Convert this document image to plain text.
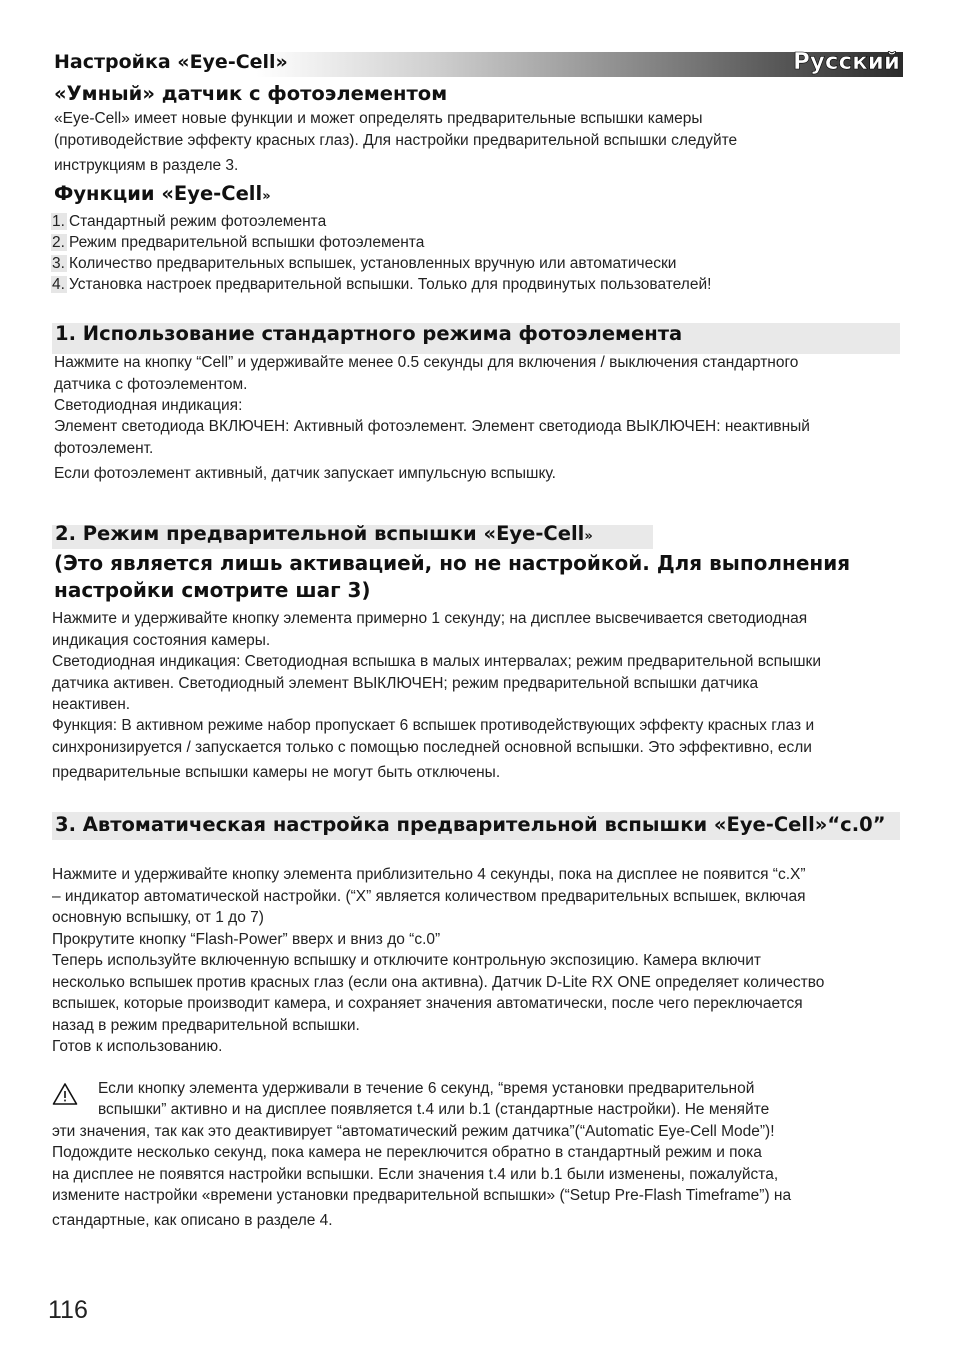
Настройка «Eye-Cell»	Русский
«Умный» датчик с фотоэлементом
«Eye-Cell» имеет новые функции и может определять предварительные вспышки камеры
(противодействие эффекту красных глаз). Для настройки предварительной вспышки следуйте
инструкциям в разделе 3.
Функции «Eye-Cell»
1. Стандартный режим фотоэлемента
2. Режим предварительной вспышки фотоэлемента
3. Количество предварительных вспышек, установленных вручную или автоматически
4. Установка настроек предварительной вспышки. Только для продвинутых пользователей!
1. Использование стандартного режима фотоэлемента
Нажмите на кнопку “Cell” и удерживайте менее 0.5 секунды для включения / выключения стандартного
датчика с фотоэлементом.
Светодиодная индикация:
Элемент светодиода ВКЛЮЧЕН: Активный фотоэлемент. Элемент светодиода ВЫКЛЮЧЕН: неактивный
фотоэлемент.
Если фотоэлемент активный, датчик запускает импульсную вспышку.
2. Режим предварительной вспышки «Eye-Cell»
(Это является лишь активацией, но не настройкой. Для выполнения
настройки смотрите шаг 3)
Нажмите и удерживайте кнопку элемента примерно 1 секунду; на дисплее высвечивается светодиодная
индикация состояния камеры.
Светодиодная индикация: Светодиодная вспышка в малых интервалах; режим предварительной вспышки
датчика активен. Светодиодный элемент ВЫКЛЮЧЕН; режим предварительной вспышки датчика
неактивен.
Функция: В активном режиме набор пропускает 6 вспышек противодействующих эффекту красных глаз и
синхронизируется / запускается только с помощью последней основной вспышки. Это эффективно, если
предварительные вспышки камеры не могут быть отключены.
3. Автоматическая настройка предварительной вспышки «Eye-Cell»“c.0”
Нажмите и удерживайте кнопку элемента приблизительно 4 секунды, пока на дисплее не появится “c.X”
– индикатор автоматической настройки. (“X” является количеством предварительных вспышек, включая
основную вспышку, от 1 до 7)
Прокрутите кнопку “Flash-Power” вверх и вниз до “c.0”
Теперь используйте включенную вспышку и отключите контрольную экспозицию. Камера включит
несколько вспышек против красных глаз (если она активна). Датчик D-Lite RX ONE определяет количество
вспышек, которые производит камера, и сохраняет значения автоматически, после чего переключается
назад в режим предварительной вспышки.
Готов к использованию.
Если кнопку элемента удерживали в течение 6 секунд, “время установки предварительной
вспышки” активно и на дисплее появляется t.4 или b.1 (стандартные настройки). Не меняйте
эти значения, так как это деактивирует “автоматический режим датчика”(“Automatic Eye-Cell Mode”)!
Подождите несколько секунд, пока камера не переключится обратно в стандартный режим и пока
на дисплее не появятся настройки вспышки. Если значения t.4 или b.1 были изменены, пожалуйста,
измените настройки «времени установки предварительной вспышки» (“Setup Pre-Flash Timeframe”) на
стандартные, как описано в разделе 4.
116
